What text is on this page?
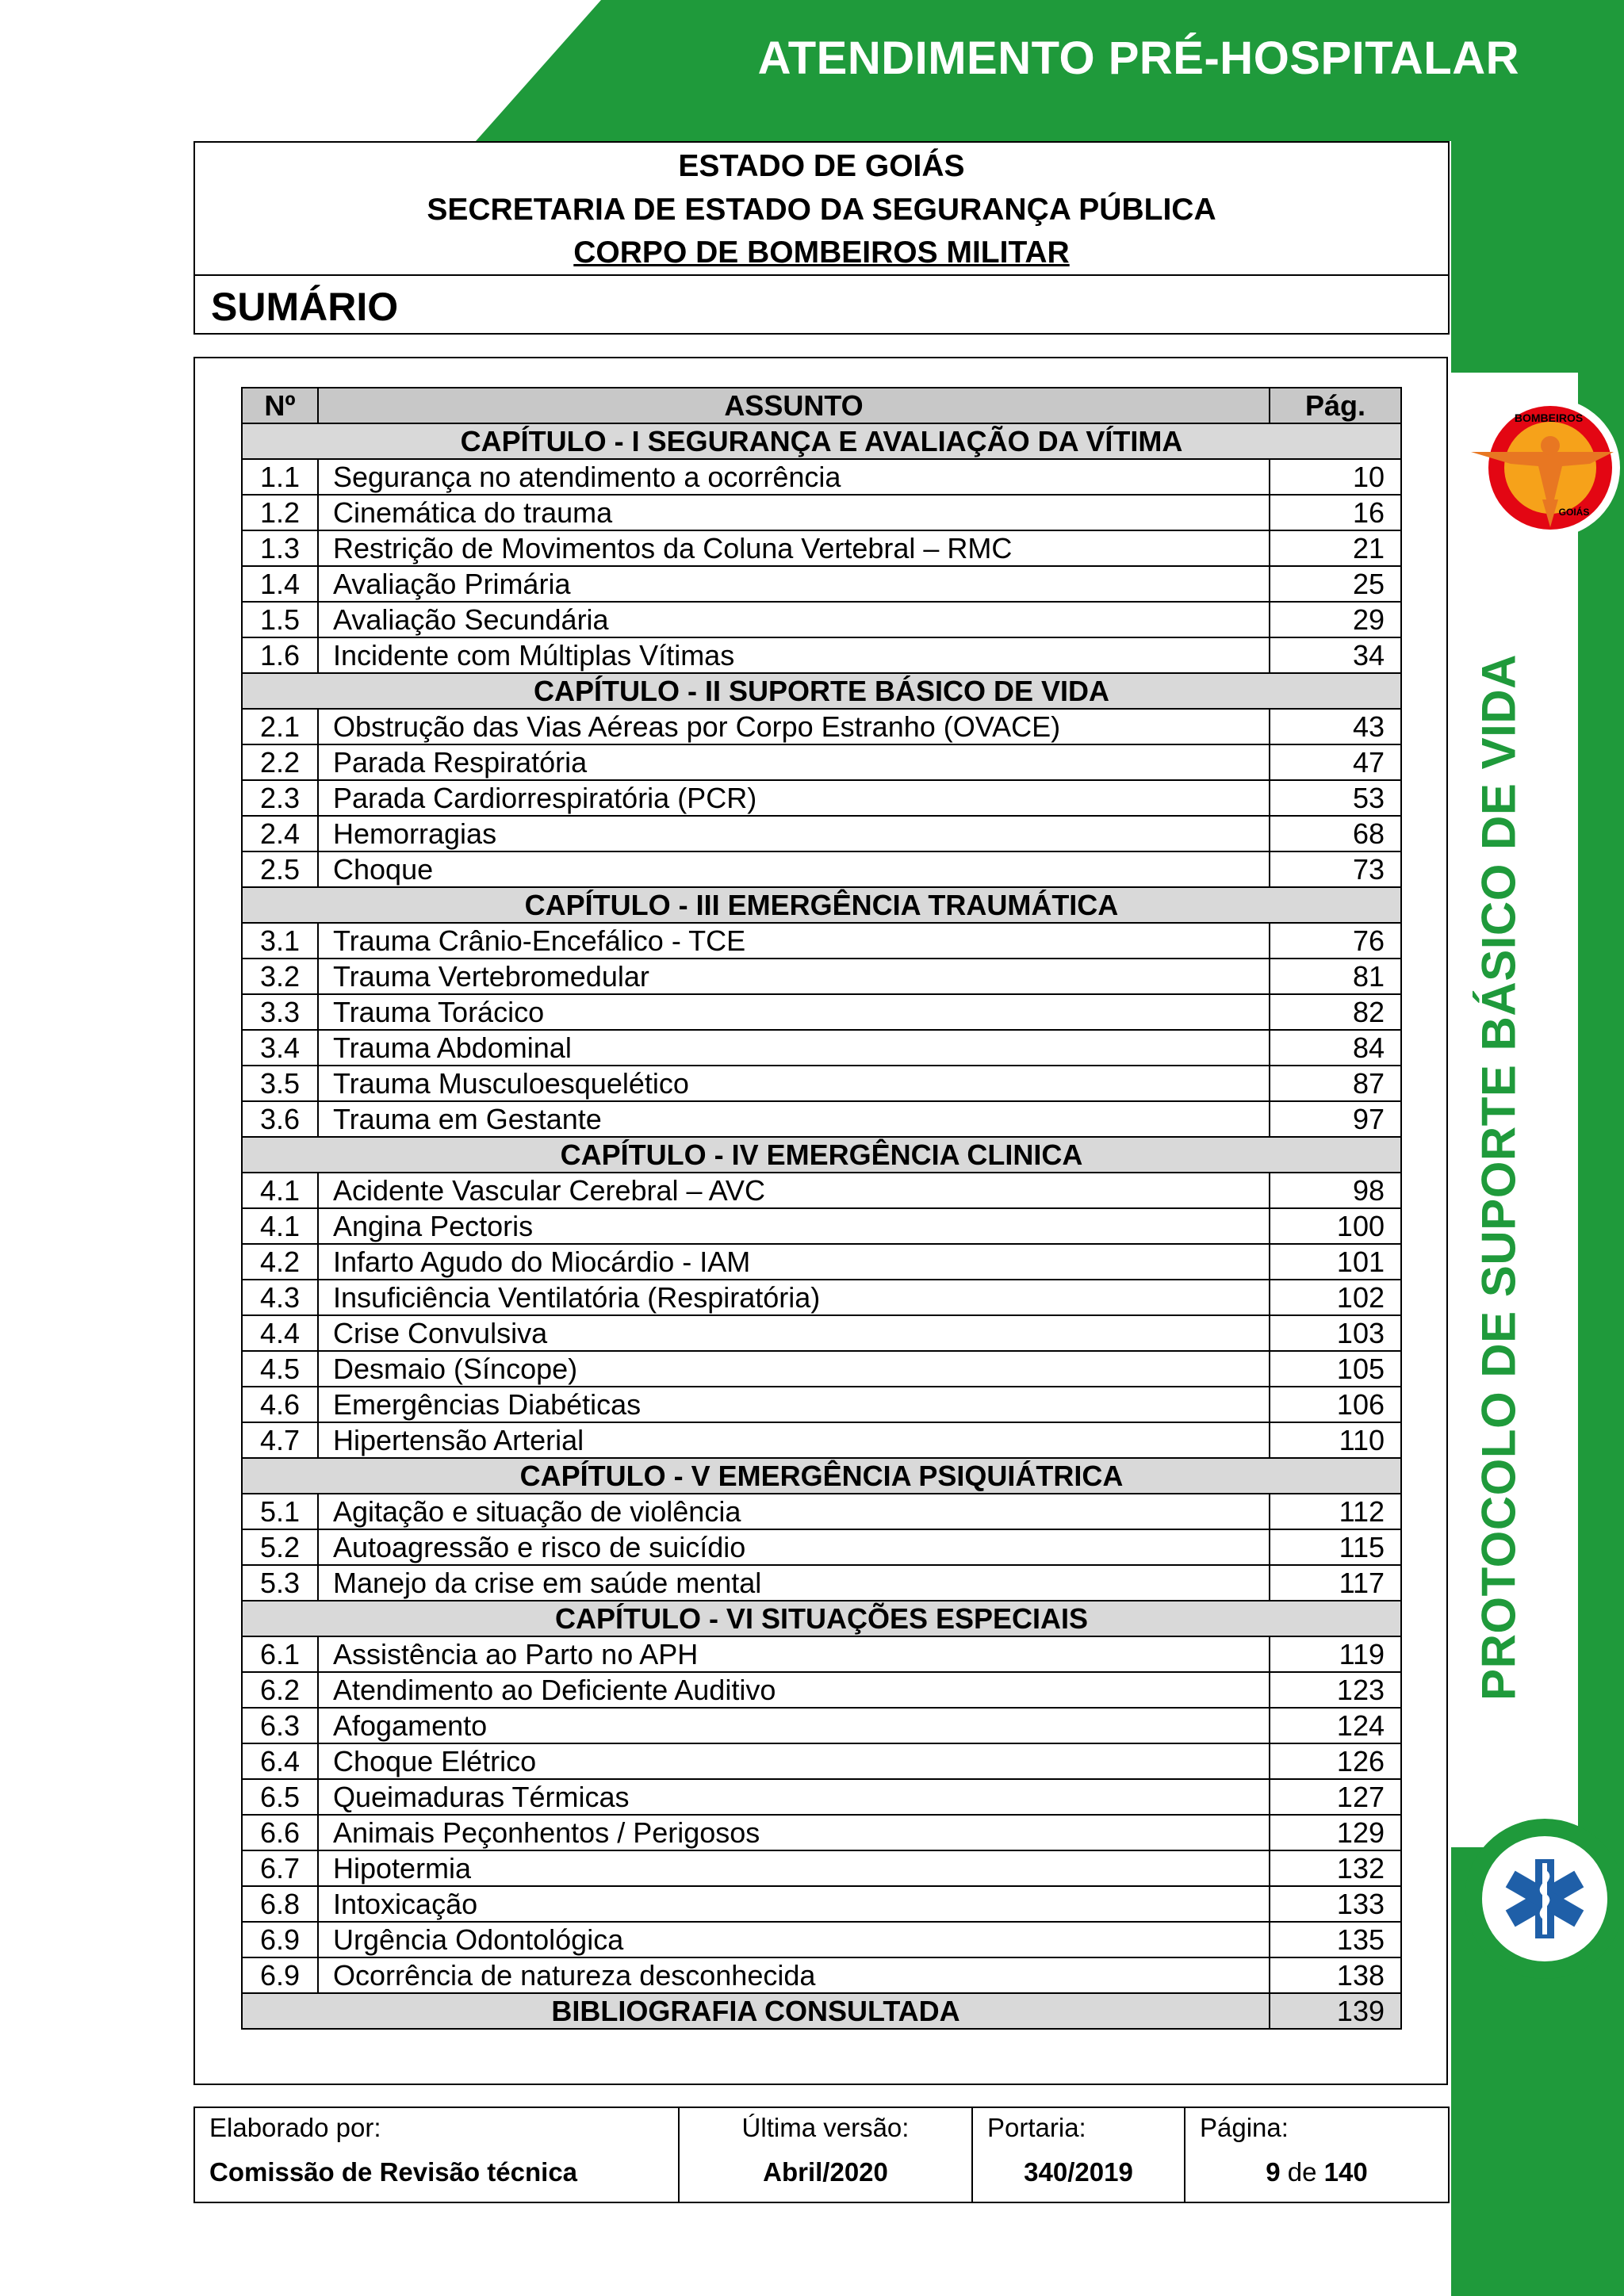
ATENDIMENTO PRÉ-HOSPITALAR
PROTOCOLO DE SUPORTE BÁSICO DE VIDA
BOMBEIROS
GOIÁS
ESTADO DE GOIÁS
SECRETARIA DE ESTADO DA SEGURANÇA PÚBLICA
CORPO DE BOMBEIROS MILITAR
SUMÁRIO
Nº	ASSUNTO	Pág.
CAPÍTULO - I SEGURANÇA E AVALIAÇÃO DA VÍTIMA		
1.1	Segurança no atendimento a ocorrência	10
1.2	Cinemática do trauma	16
1.3	Restrição de Movimentos da Coluna Vertebral – RMC	21
1.4	Avaliação Primária	25
1.5	Avaliação Secundária	29
1.6	Incidente com Múltiplas Vítimas	34
CAPÍTULO - II SUPORTE BÁSICO DE VIDA		
2.1	Obstrução das Vias Aéreas por Corpo Estranho (OVACE)	43
2.2	Parada Respiratória	47
2.3	Parada Cardiorrespiratória (PCR)	53
2.4	Hemorragias	68
2.5	Choque	73
CAPÍTULO - III EMERGÊNCIA TRAUMÁTICA		
3.1	Trauma Crânio-Encefálico - TCE	76
3.2	Trauma Vertebromedular	81
3.3	Trauma Torácico	82
3.4	Trauma Abdominal	84
3.5	Trauma Musculoesquelético	87
3.6	Trauma em Gestante	97
CAPÍTULO - IV EMERGÊNCIA CLINICA		
4.1	Acidente Vascular Cerebral – AVC	98
4.1	Angina Pectoris	100
4.2	Infarto Agudo do Miocárdio - IAM	101
4.3	Insuficiência Ventilatória (Respiratória)	102
4.4	Crise Convulsiva	103
4.5	Desmaio (Síncope)	105
4.6	Emergências Diabéticas	106
4.7	Hipertensão Arterial	110
CAPÍTULO - V EMERGÊNCIA PSIQUIÁTRICA		
5.1	Agitação e situação de violência	112
5.2	Autoagressão e risco de suicídio	115
5.3	Manejo da crise em saúde mental	117
CAPÍTULO - VI SITUAÇÕES ESPECIAIS		
6.1	Assistência ao Parto no APH	119
6.2	Atendimento ao Deficiente Auditivo	123
6.3	Afogamento	124
6.4	Choque Elétrico	126
6.5	Queimaduras Térmicas	127
6.6	Animais Peçonhentos / Perigosos	129
6.7	Hipotermia	132
6.8	Intoxicação	133
6.9	Urgência Odontológica	135
6.9	Ocorrência de natureza desconhecida	138
BIBLIOGRAFIA CONSULTADA		139
Elaborado por:
Comissão de Revisão técnica
Última versão:
Abril/2020
Portaria:
340/2019
Página:
9 de 140
